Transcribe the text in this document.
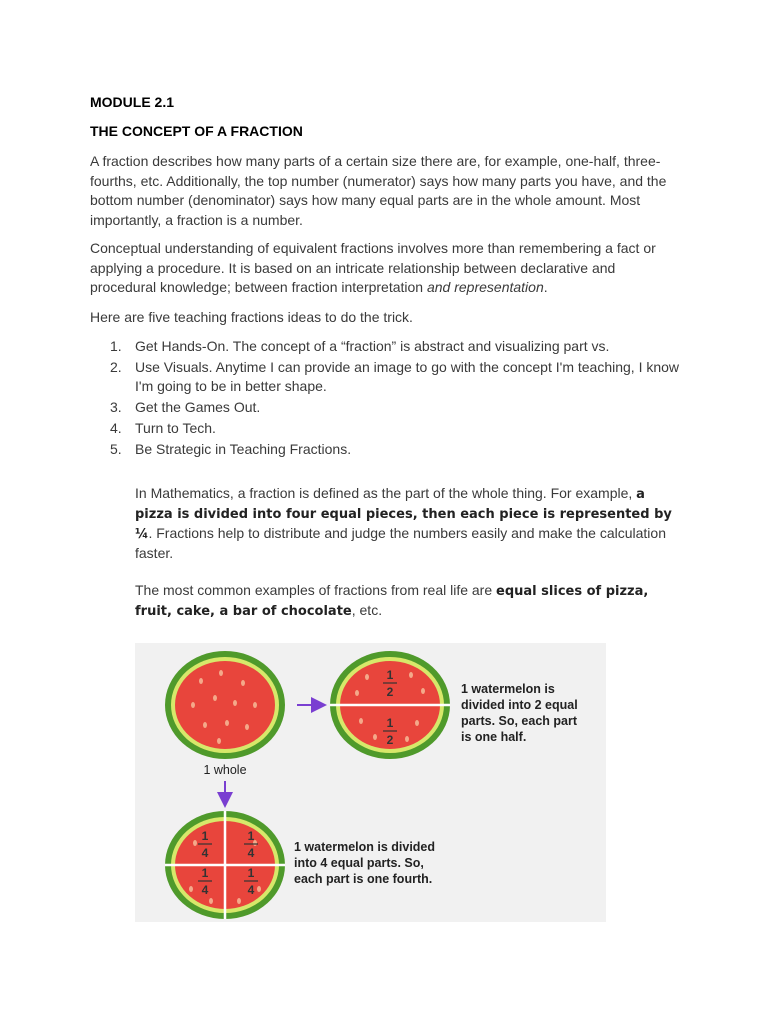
MODULE 2.1
THE CONCEPT OF A FRACTION

A fraction describes how many parts of a certain size there are, for example, one-half, three-fourths, etc. Additionally, the top number (numerator) says how many parts you have, and the bottom number (denominator) says how many equal parts are in the whole amount. Most importantly, a fraction is a number.

Conceptual understanding of equivalent fractions involves more than remembering a fact or applying a procedure. It is based on an intricate relationship between declarative and procedural knowledge; between fraction interpretation and representation.

Here are five teaching fractions ideas to do the trick.

1. Get Hands-On. The concept of a “fraction” is abstract and visualizing part vs.
2. Use Visuals. Anytime I can provide an image to go with the concept I'm teaching, I know I'm going to be in better shape.
3. Get the Games Out.
4. Turn to Tech.
5. Be Strategic in Teaching Fractions.

In Mathematics, a fraction is defined as the part of the whole thing. For example, a pizza is divided into four equal pieces, then each piece is represented by ¼. Fractions help to distribute and judge the numbers easily and make the calculation faster.

The most common examples of fractions from real life are equal slices of pizza, fruit, cake, a bar of chocolate, etc.

1
2
1
2
1 watermelon is
divided into 2 equal
parts. So, each part
is one half.
1 whole
1
4
1
4
1
4
1
4
1 watermelon is divided
into 4 equal parts. So,
each part is one fourth.
